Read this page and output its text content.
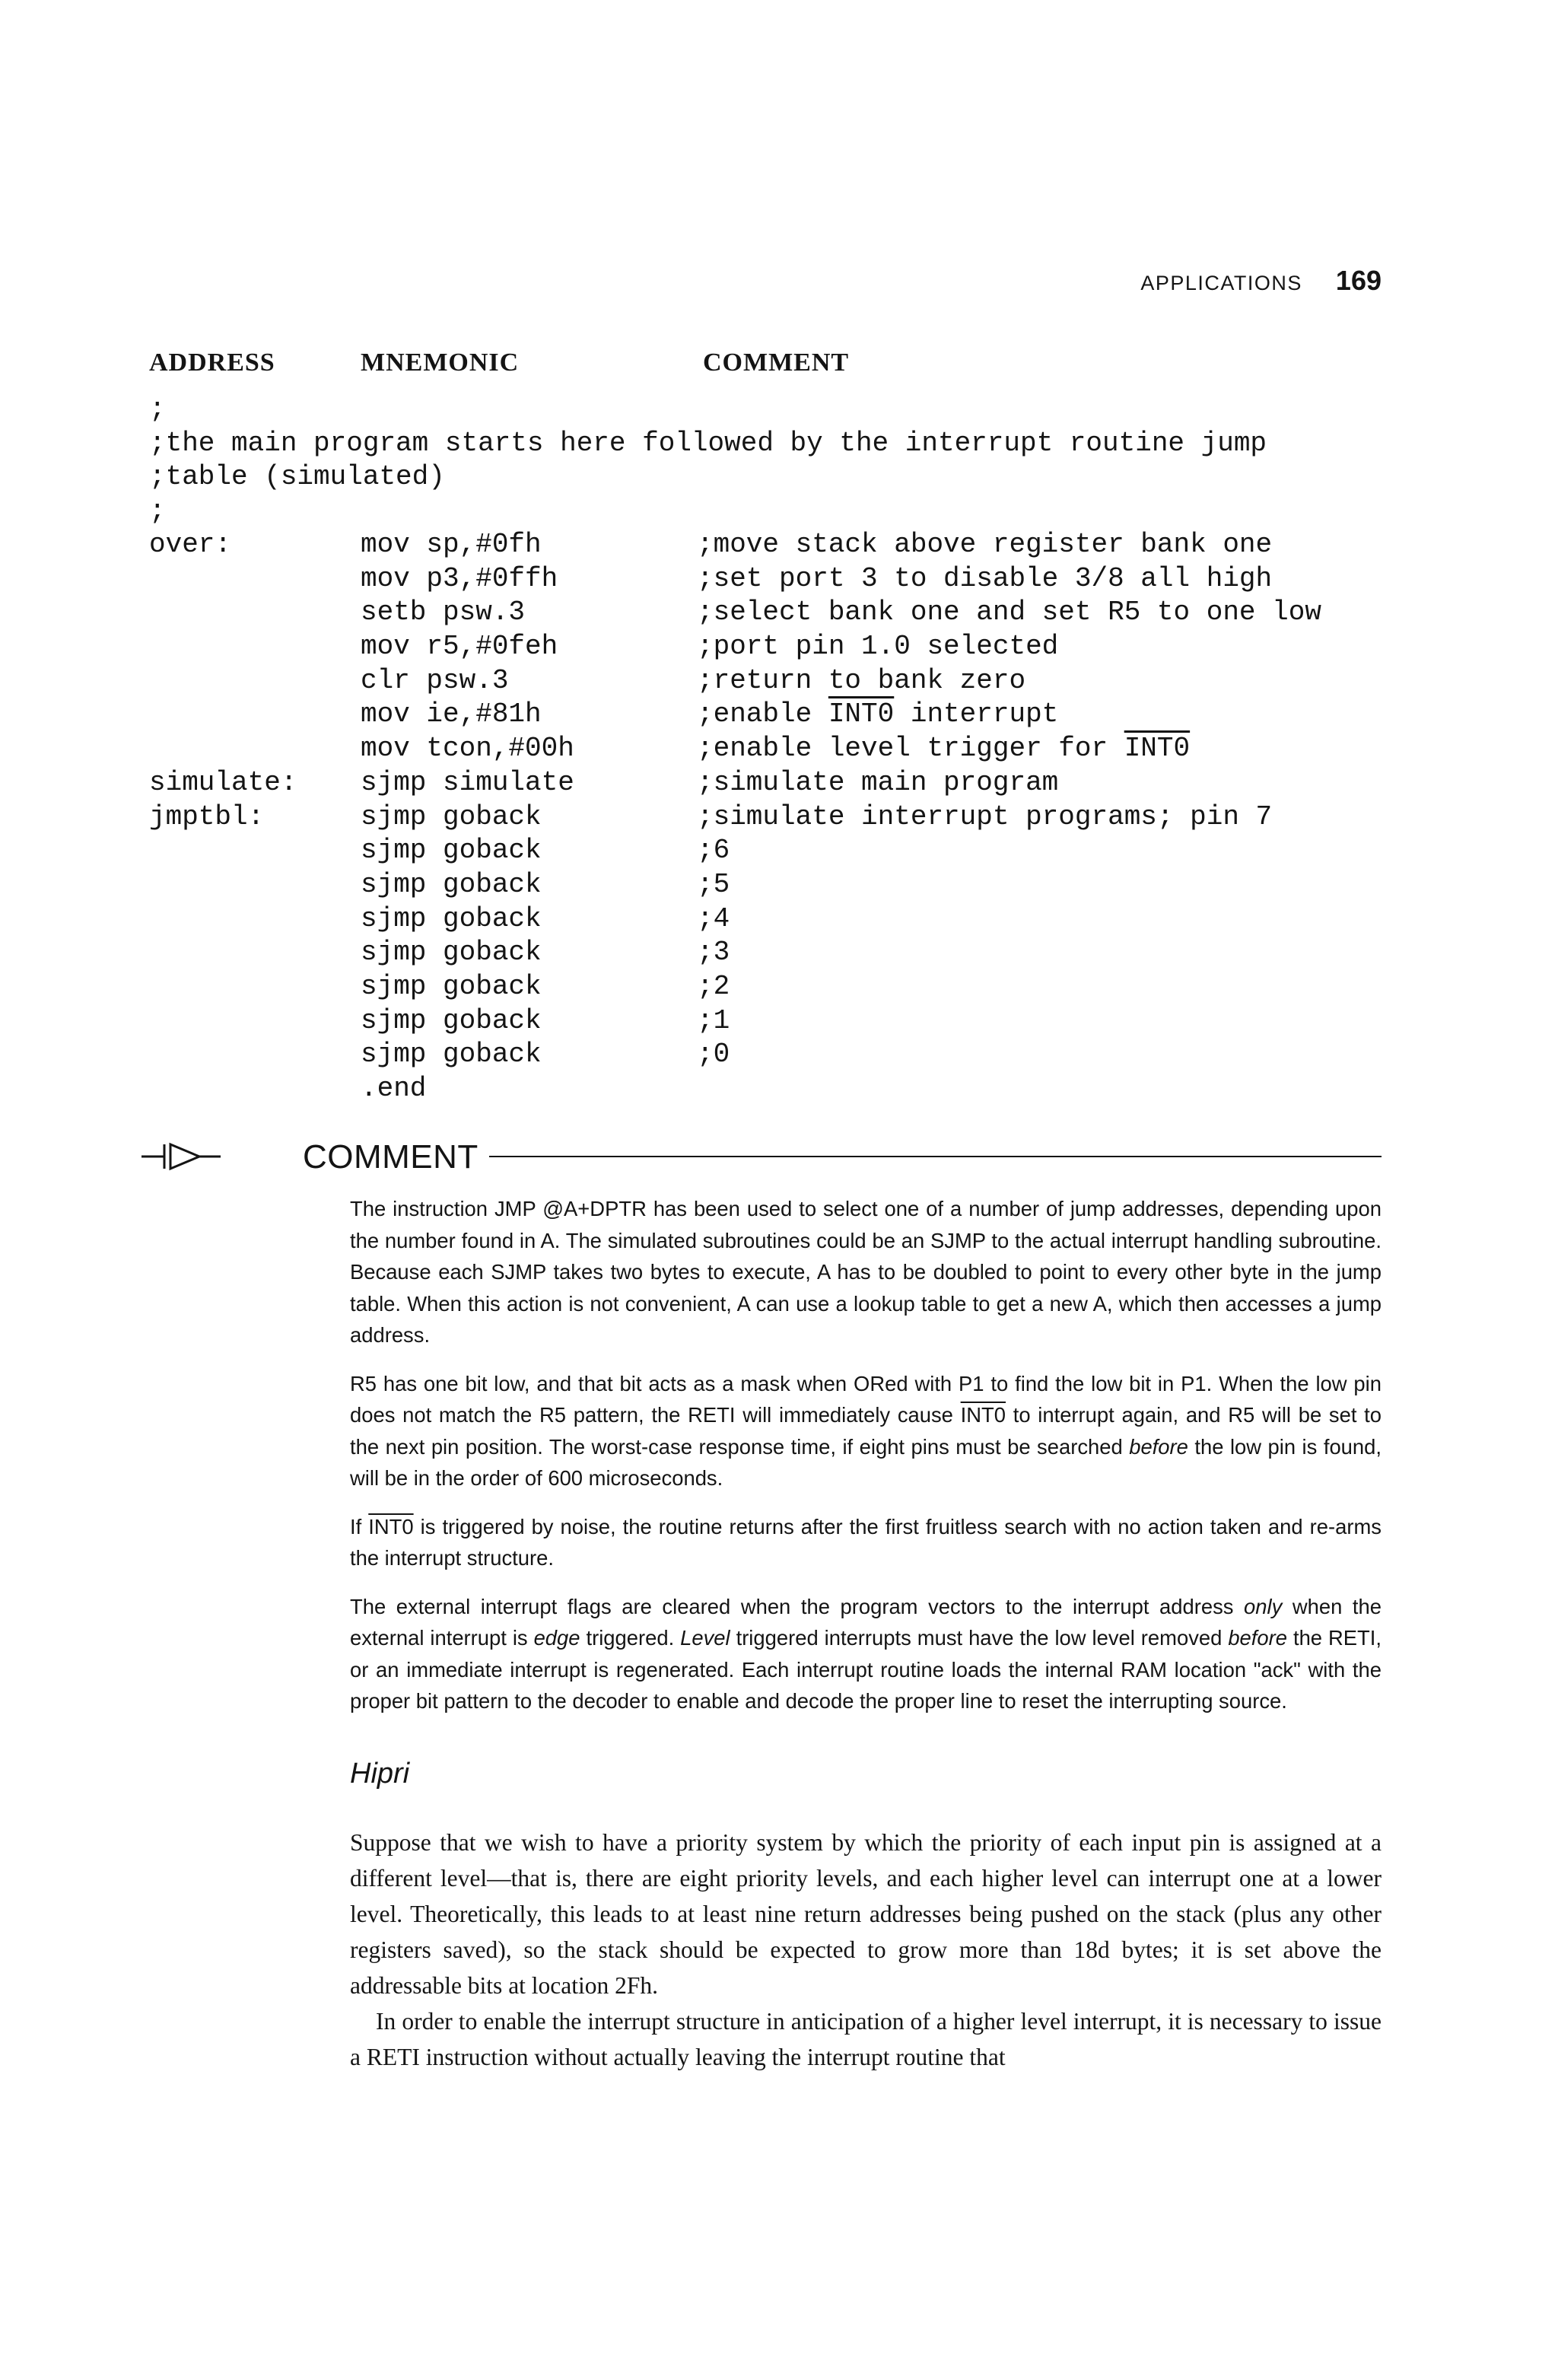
APPLICATIONS 169
ADDRESS	MNEMONIC	COMMENT
;
;the main program starts here followed by the interrupt routine jump
;table (simulated)
;
over:
simulate:
jmptbl:
mov sp,#0fh
mov p3,#0ffh
setb psw.3
mov r5,#0feh
clr psw.3
mov ie,#81h
mov tcon,#00h
sjmp simulate
sjmp goback
sjmp goback
sjmp goback
sjmp goback
sjmp goback
sjmp goback
sjmp goback
sjmp goback
.end
;move stack above register bank one
;set port 3 to disable 3/8 all high
;select bank one and set R5 to one low
;port pin 1.0 selected
;return to bank zero
;enable INT0 interrupt
;enable level trigger for INT0
;simulate main program
;simulate interrupt programs; pin 7
;6
;5
;4
;3
;2
;1
;0
COMMENT

The instruction JMP @A+DPTR has been used to select one of a number of jump addresses, depending upon the number found in A. The simulated subroutines could be an SJMP to the actual interrupt handling subroutine. Because each SJMP takes two bytes to execute, A has to be doubled to point to every other byte in the jump table. When this action is not convenient, A can use a lookup table to get a new A, which then accesses a jump address.

R5 has one bit low, and that bit acts as a mask when ORed with P1 to find the low bit in P1. When the low pin does not match the R5 pattern, the RETI will immediately cause INT0 to interrupt again, and R5 will be set to the next pin position. The worst-case response time, if eight pins must be searched before the low pin is found, will be in the order of 600 microseconds.

If INT0 is triggered by noise, the routine returns after the first fruitless search with no action taken and re-arms the interrupt structure.

The external interrupt flags are cleared when the program vectors to the interrupt address only when the external interrupt is edge triggered. Level triggered interrupts must have the low level removed before the RETI, or an immediate interrupt is regenerated. Each interrupt routine loads the internal RAM location "ack" with the proper bit pattern to the decoder to enable and decode the proper line to reset the interrupting source.

Hipri

Suppose that we wish to have a priority system by which the priority of each input pin is assigned at a different level—that is, there are eight priority levels, and each higher level can interrupt one at a lower level. Theoretically, this leads to at least nine return addresses being pushed on the stack (plus any other registers saved), so the stack should be expected to grow more than 18d bytes; it is set above the addressable bits at location 2Fh.

In order to enable the interrupt structure in anticipation of a higher level interrupt, it is necessary to issue a RETI instruction without actually leaving the interrupt routine that
